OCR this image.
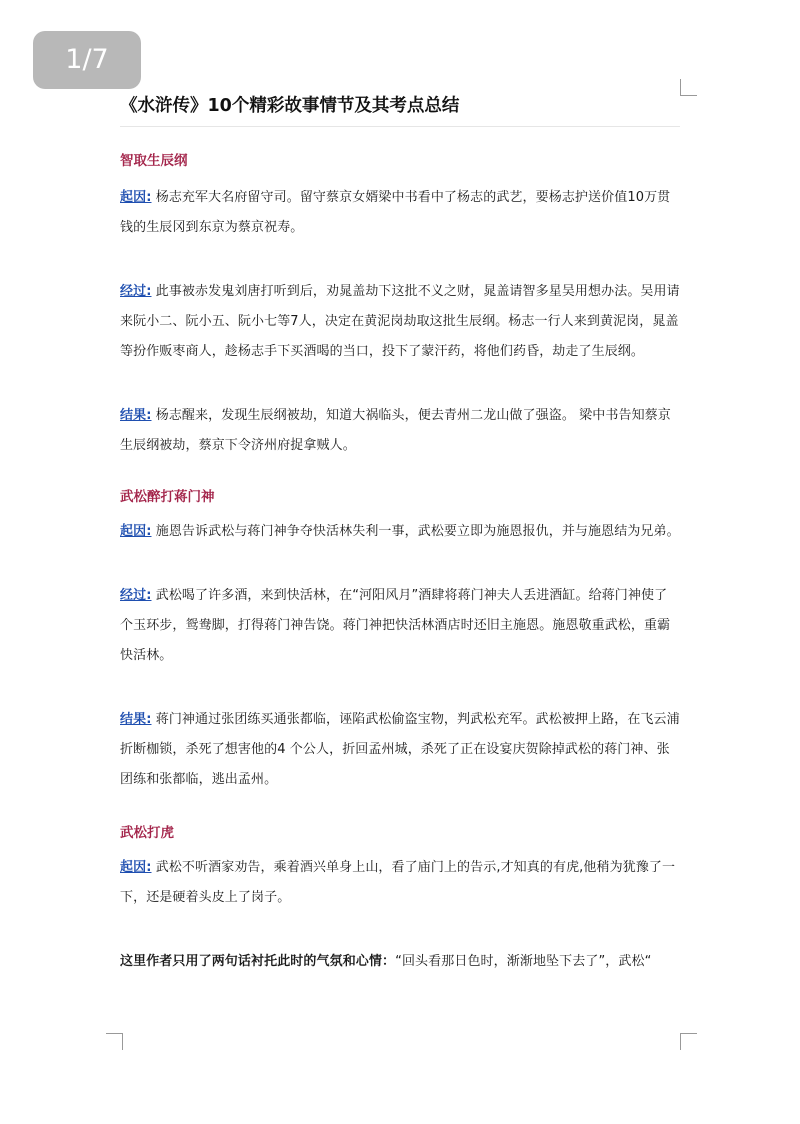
1/7
《水浒传》10个精彩故事情节及其考点总结
智取生辰纲

起因: 杨志充军大名府留守司。留守蔡京女婿梁中书看中了杨志的武艺，要杨志护送价值10万贯钱的生辰冈到东京为蔡京祝寿。

经过: 此事被赤发鬼刘唐打听到后，劝晁盖劫下这批不义之财，晁盖请智多星吴用想办法。吴用请来阮小二、阮小五、阮小七等7人，决定在黄泥岗劫取这批生辰纲。杨志一行人来到黄泥岗，晁盖等扮作贩枣商人，趁杨志手下买酒喝的当口，投下了蒙汗药，将他们药昏，劫走了生辰纲。

结果: 杨志醒来，发现生辰纲被劫，知道大祸临头，便去青州二龙山做了强盗。 梁中书告知蔡京生辰纲被劫，蔡京下令济州府捉拿贼人。

武松醉打蒋门神

起因: 施恩告诉武松与蒋门神争夺快活林失利一事，武松要立即为施恩报仇，并与施恩结为兄弟。

经过: 武松喝了许多酒，来到快活林，在“河阳风月”酒肆将蒋门神夫人丢进酒缸。给蒋门神使了个玉环步，鸳鸯脚，打得蒋门神告饶。蒋门神把快活林酒店时还旧主施恩。施恩敬重武松，重霸快活林。

结果: 蒋门神通过张团练买通张都临，诬陷武松偷盗宝物，判武松充军。武松被押上路，在飞云浦折断枷锁，杀死了想害他的4 个公人，折回孟州城，杀死了正在设宴庆贺除掉武松的蒋门神、张团练和张都临，逃出孟州。

武松打虎

起因: 武松不听酒家劝告，乘着酒兴单身上山，看了庙门上的告示,才知真的有虎,他稍为犹豫了一下，还是硬着头皮上了岗子。

这里作者只用了两句话衬托此时的气氛和心情：“回头看那日色时，渐渐地坠下去了”，武松“
